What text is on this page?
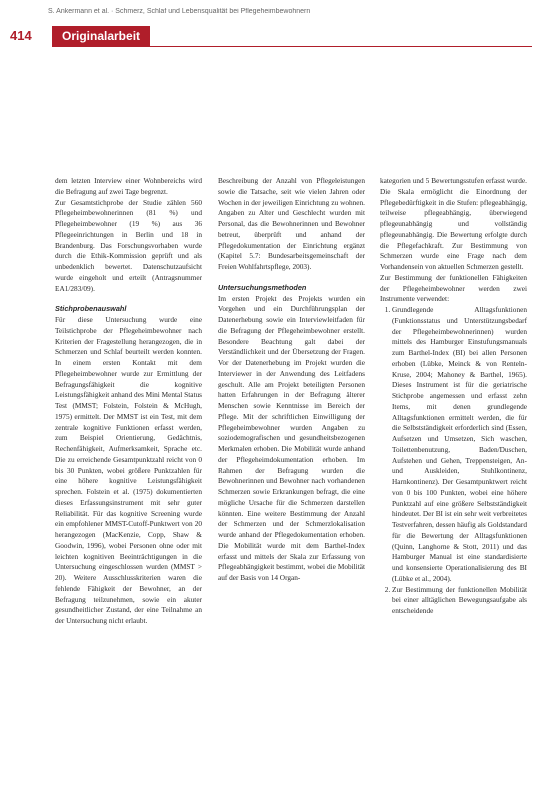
S. Ankermann et al. · Schmerz, Schlaf und Lebensqualität bei Pflegeheimbewohnern
414	Originalarbeit

dem letzten Interview einer Wohnbereichs wird die Befragung auf zwei Tage begrenzt.

Zur Gesamtstichprobe der Studie zählen 560 Pflegeheimbewohnerinnen (81 %) und Pflegeheimbewohner (19 %) aus 36 Pflegeeinrichtungen in Berlin und 18 in Brandenburg. Das Forschungsvorhaben wurde durch die Ethik-Kommission geprüft und als unbedenklich bewertet. Datenschutzaufsicht wurde eingeholt und erteilt (Antragsnummer EA1/283/09).

Stichprobenauswahl

Für diese Untersuchung wurde eine Teilstichprobe der Pflegeheimbewohner nach Kriterien der Fragestellung herangezogen, die in Schmerzen und Schlaf beurteilt werden konnten. In einem ersten Kontakt mit dem Pflegeheimbewohner wurde zur Ermittlung der Befragungsfähigkeit die kognitive Leistungsfähigkeit anhand des Mini Mental Status Test (MMST; Folstein, Folstein & McHugh, 1975) ermittelt. Der MMST ist ein Test, mit dem zentrale kognitive Funktionen erfasst werden, zum Beispiel Orientierung, Gedächtnis, Rechenfähigkeit, Aufmerksamkeit, Sprache etc. Die zu erreichende Gesamtpunktzahl reicht von 0 bis 30 Punkten, wobei größere Punktzahlen für eine höhere kognitive Leistungsfähigkeit sprechen. Folstein et al. (1975) dokumentierten dieses Erfassungsinstrument mit sehr guter Reliabilität. Für das kognitive Screening wurde ein empfohlener MMST-Cutoff-Punktwert von 20 herangezogen (MacKenzie, Copp, Shaw & Goodwin, 1996), wobei Personen ohne oder mit leichten kognitiven Beeinträchtigungen in die Untersuchung eingeschlossen wurden (MMST > 20). Weitere Ausschlusskriterien waren die fehlende Fähigkeit der Bewohner, an der Befragung teilzunehmen, sowie ein akuter gesundheitlicher Zustand, der eine Teilnahme an der Untersuchung nicht erlaubt.

Beschreibung der Anzahl von Pflegeleistungen sowie die Tatsache, seit wie vielen Jahren oder Wochen in der jeweiligen Einrichtung zu wohnen. Angaben zu Alter und Geschlecht wurden mit Personal, das die Bewohnerinnen und Bewohner betreut, überprüft und anhand der Pflegedokumentation der Einrichtung ergänzt (Kapitel 5.7: Bundesarbeitsgemeinschaft der Freien Wohlfahrtspflege, 2003).

Untersuchungsmethoden

Im ersten Projekt des Projekts wurden ein Vorgehen und ein Durchführungsplan der Datenerhebung sowie ein Interviewleitfaden für die Befragung der Pflegeheimbewohner erstellt. Besondere Beachtung galt dabei der Verständlichkeit und der Übersetzung der Fragen. Vor der Datenerhebung im Projekt wurden die Interviewer in der Anwendung des Leitfadens geschult. Alle am Projekt beteiligten Personen hatten Erfahrungen in der Befragung älterer Menschen sowie Kenntnisse im Bereich der Pflege. Mit der schriftlichen Einwilligung der Pflegeheimbewohner wurden Angaben zu soziodemografischen und gesundheitsbezogenen Merkmalen erhoben. Die Mobilität wurde anhand der Pflegeheimdokumentation erhoben. Im Rahmen der Befragung wurden die Bewohnerinnen und Bewohner nach vorhandenen Schmerzen sowie Erkrankungen befragt, die eine mögliche Ursache für die Schmerzen darstellen könnten. Eine weitere Bestimmung der Anzahl der Schmerzen und der Schmerzlokalisation wurde anhand der Pflegedokumentation erhoben. Die Mobilität wurde mit dem Barthel-Index erfasst und mittels der Skala zur Erfassung von Pflegeabhängigkeit bestimmt, wobei die Mobilität auf der Basis von 14 Organ-

kategorien und 5 Bewertungsstufen erfasst wurde. Die Skala ermöglicht die Einordnung der Pflegebedürftigkeit in die Stufen: pflegeabhängig, teilweise pflegeabhängig, überwiegend pflegeunabhängig und vollständig pflegeunabhängig. Die Bewertung erfolgte durch die Pflegefachkraft. Zur Bestimmung von Schmerzen wurde eine Frage nach dem Vorhandensein von aktuellen Schmerzen gestellt.

Zur Bestimmung der funktionellen Fähigkeiten der Pflegeheimbewohner werden zwei Instrumente verwendet:

1. Grundlegende Alltagsfunktionen (Funktionsstatus und Unterstützungsbedarf der Pflegeheimbewohnerinnen) wurden mittels des Hamburger Einstufungsmanuals zum Barthel-Index (BI) bei allen Personen erhoben (Lübke, Meinck & von Renteln-Kruse, 2004; Mahoney & Barthel, 1965). Dieses Instrument ist für die geriatrische Stichprobe angemessen und erfasst zehn Items, mit denen grundlegende Alltagsfunktionen ermittelt werden, die für die Selbstständigkeit erforderlich sind (Essen, Aufsetzen und Umsetzen, Sich waschen, Toilettenbenutzung, Baden/Duschen, Aufstehen und Gehen, Treppensteigen, An- und Auskleiden, Stuhlkontinenz, Harnkontinenz). Der Gesamtpunktwert reicht von 0 bis 100 Punkten, wobei eine höhere Punktzahl auf eine größere Selbstständigkeit hindeutet. Der BI ist ein sehr weit verbreitetes Testverfahren, dessen häufig als Goldstandard für die Bewertung der Alltagsfunktionen (Quinn, Langhorne & Stott, 2011) und das Hamburger Manual ist eine standardisierte und konsensierte Operationalisierung des BI (Lübke et al., 2004).
2. Zur Bestimmung der funktionellen Mobilität bei einer alltäglichen Bewegungsaufgabe als entscheidende
